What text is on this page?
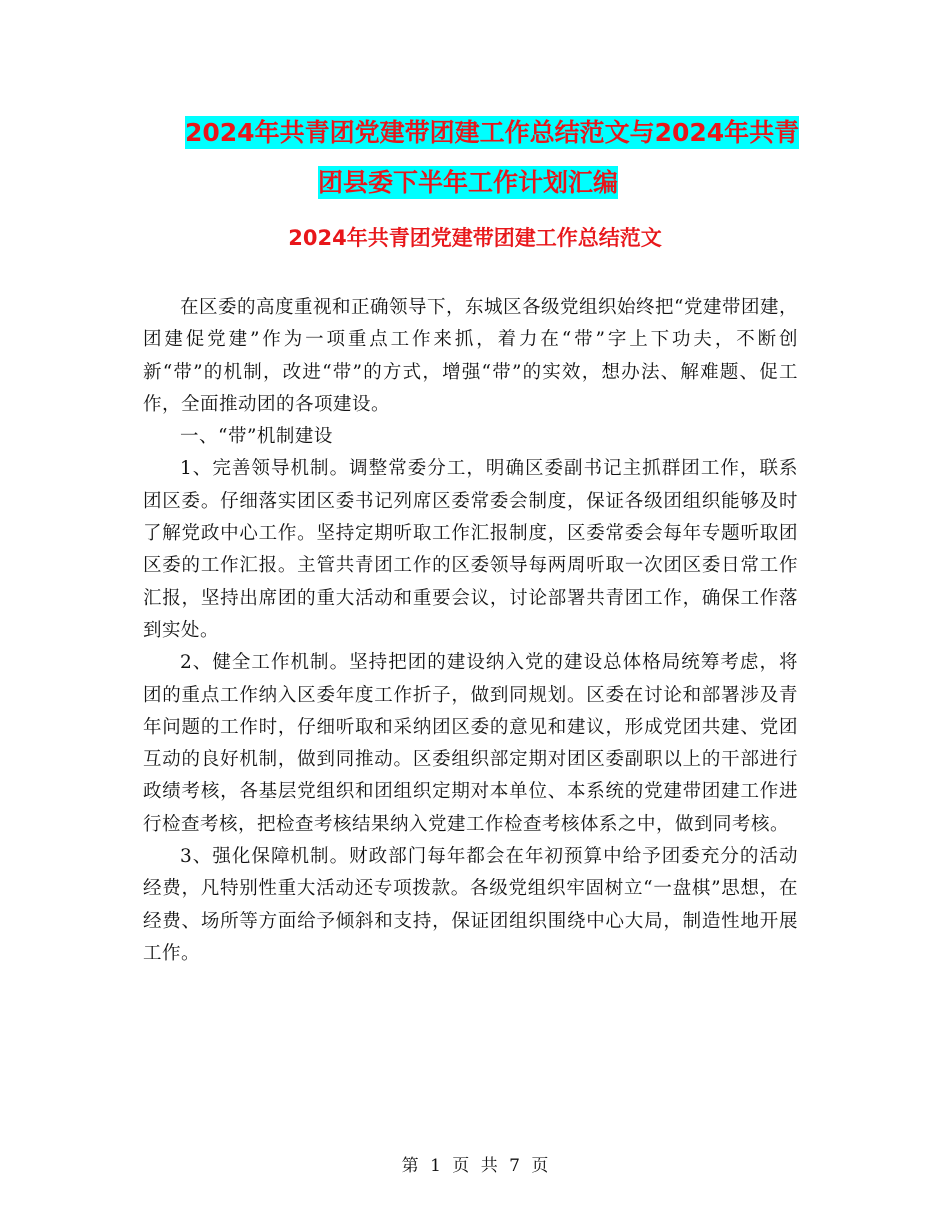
2024年共青团党建带团建工作总结范文与2024年共青
团县委下半年工作计划汇编
2024年共青团党建带团建工作总结范文

在区委的高度重视和正确领导下，东城区各级党组织始终把“党建带团建，团建促党建”作为一项重点工作来抓，着力在“带”字上下功夫，不断创新“带”的机制，改进“带”的方式，增强“带”的实效，想办法、解难题、促工作，全面推动团的各项建设。

一、“带”机制建设

1、完善领导机制。调整常委分工，明确区委副书记主抓群团工作，联系团区委。仔细落实团区委书记列席区委常委会制度，保证各级团组织能够及时了解党政中心工作。坚持定期听取工作汇报制度，区委常委会每年专题听取团区委的工作汇报。主管共青团工作的区委领导每两周听取一次团区委日常工作汇报，坚持出席团的重大活动和重要会议，讨论部署共青团工作，确保工作落到实处。

2、健全工作机制。坚持把团的建设纳入党的建设总体格局统筹考虑，将团的重点工作纳入区委年度工作折子，做到同规划。区委在讨论和部署涉及青年问题的工作时，仔细听取和采纳团区委的意见和建议，形成党团共建、党团互动的良好机制，做到同推动。区委组织部定期对团区委副职以上的干部进行政绩考核，各基层党组织和团组织定期对本单位、本系统的党建带团建工作进行检查考核，把检查考核结果纳入党建工作检查考核体系之中，做到同考核。

3、强化保障机制。财政部门每年都会在年初预算中给予团委充分的活动经费，凡特别性重大活动还专项拨款。各级党组织牢固树立“一盘棋”思想，在经费、场所等方面给予倾斜和支持，保证团组织围绕中心大局，制造性地开展工作。

第 1 页 共 7 页
